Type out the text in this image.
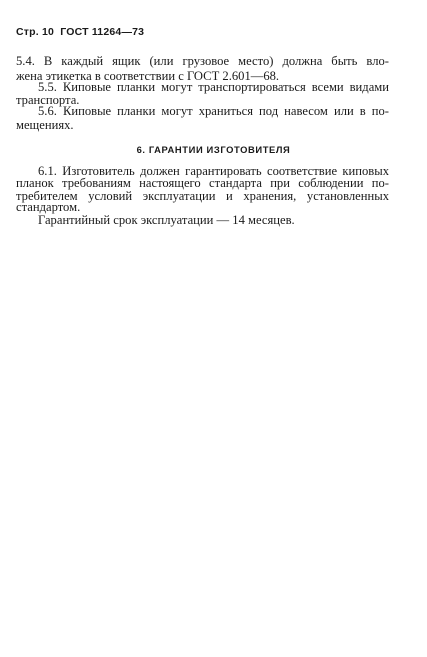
Стр. 10 ГОСТ 11264—73
5.4. В каждый ящик (или грузовое место) должна быть вло-
жена этикетка в соответствии с ГОСТ 2.601—68.
5.5. Киповые планки могут транспортироваться всеми видами
транспорта.
5.6. Киповые планки могут храниться под навесом или в по-
мещениях.
6. ГАРАНТИИ ИЗГОТОВИТЕЛЯ
6.1. Изготовитель должен гарантировать соответствие киповых
планок требованиям настоящего стандарта при соблюдении по-
требителем условий эксплуатации и хранения, установленных
стандартом.
Гарантийный срок эксплуатации — 14 месяцев.
